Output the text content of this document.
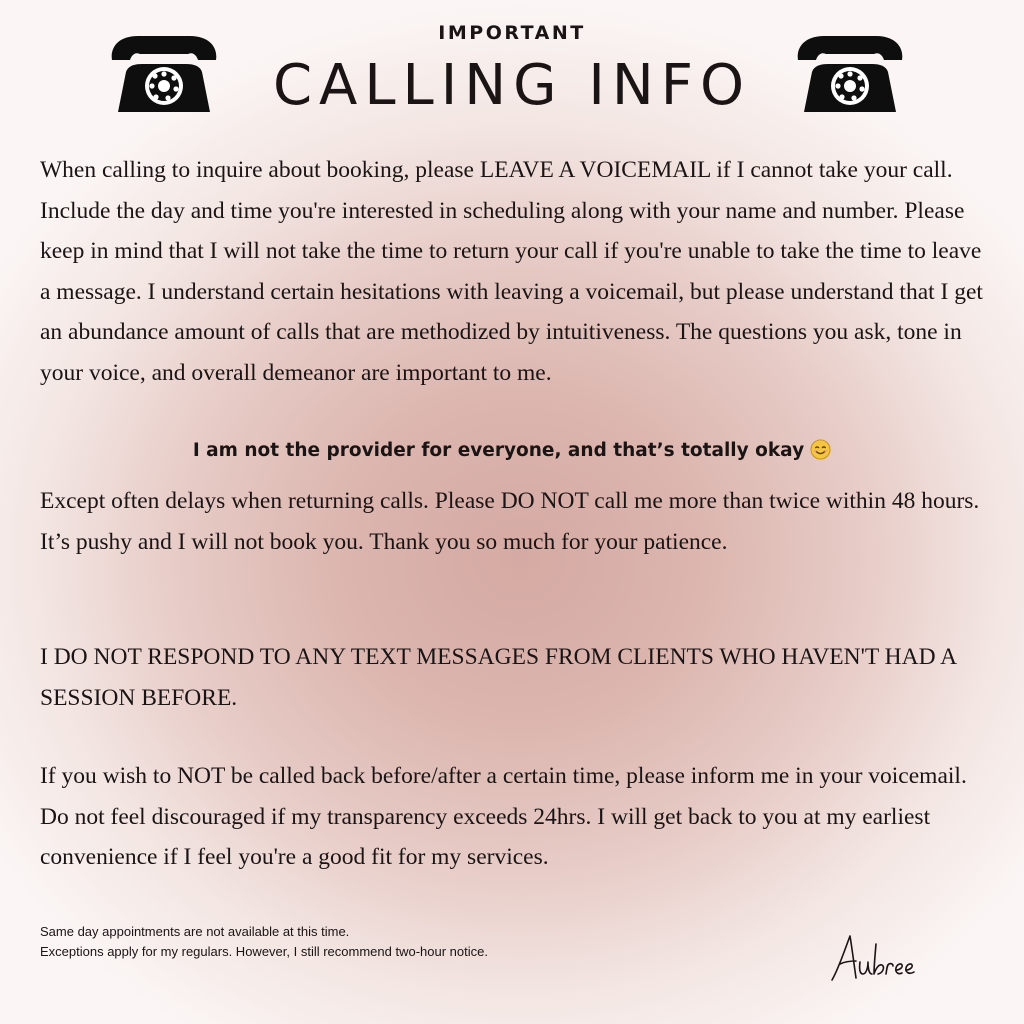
IMPORTANT
CALLING INFO

When calling to inquire about booking, please LEAVE A VOICEMAIL if I cannot take your call. Include the day and time you're interested in scheduling along with your name and number. Please keep in mind that I will not take the time to return your call if you're unable to take the time to leave a message. I understand certain hesitations with leaving a voicemail, but please understand that I get an abundance amount of calls that are methodized by intuitiveness. The questions you ask, tone in your voice, and overall demeanor are important to me.

I am not the provider for everyone, and that’s totally okay

Except often delays when returning calls. Please DO NOT call me more than twice within 48 hours. It’s pushy and I will not book you. Thank you so much for your patience.

I DO NOT RESPOND TO ANY TEXT MESSAGES FROM CLIENTS WHO HAVEN'T HAD A SESSION BEFORE.

If you wish to NOT be called back before/after a certain time, please inform me in your voicemail. Do not feel discouraged if my transparency exceeds 24hrs. I will get back to you at my earliest convenience if I feel you're a good fit for my services.

Same day appointments are not available at this time.
Exceptions apply for my regulars. However, I still recommend two-hour notice.
